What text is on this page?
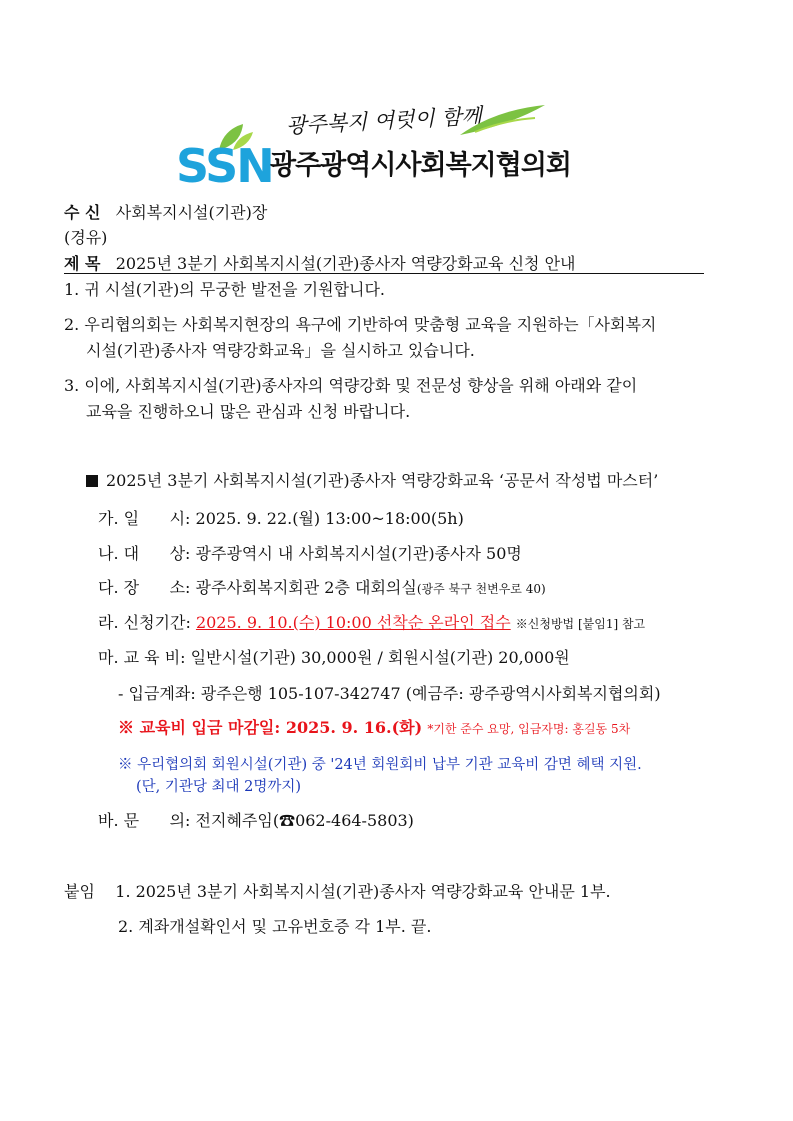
광주복지 여럿이 함께
SSN
광주광역시사회복지협의회
수 신 사회복지시설(기관)장
(경유)
제 목 2025년 3분기 사회복지시설(기관)종사자 역량강화교육 신청 안내
1. 귀 시설(기관)의 무궁한 발전을 기원합니다.
2. 우리협의회는 사회복지현장의 욕구에 기반하여 맞춤형 교육을 지원하는「사회복지
시설(기관)종사자 역량강화교육」을 실시하고 있습니다.
3. 이에, 사회복지시설(기관)종사자의 역량강화 및 전문성 향상을 위해 아래와 같이
교육을 진행하오니 많은 관심과 신청 바랍니다.
2025년 3분기 사회복지시설(기관)종사자 역량강화교육 ‘공문서 작성법 마스터’
가. 일      시: 2025. 9. 22.(월) 13:00~18:00(5h)
나. 대      상: 광주광역시 내 사회복지시설(기관)종사자 50명
다. 장      소: 광주사회복지회관 2층 대회의실(광주 북구 천변우로 40)
라. 신청기간: 2025. 9. 10.(수) 10:00 선착순 온라인 접수 ※신청방법 [붙임1] 참고
마. 교 육 비: 일반시설(기관) 30,000원 / 회원시설(기관) 20,000원
- 입금계좌: 광주은행 105-107-342747 (예금주: 광주광역시사회복지협의회)
※ 교육비 입금 마감일: 2025. 9. 16.(화) *기한 준수 요망, 입금자명: 홍길동 5차
※ 우리협의회 회원시설(기관) 중 '24년 회원회비 납부 기관 교육비 감면 혜택 지원.
(단, 기관당 최대 2명까지)
바. 문      의: 전지혜주임(☎062-464-5803)
붙임 1. 2025년 3분기 사회복지시설(기관)종사자 역량강화교육 안내문 1부.
2. 계좌개설확인서 및 고유번호증 각 1부. 끝.
